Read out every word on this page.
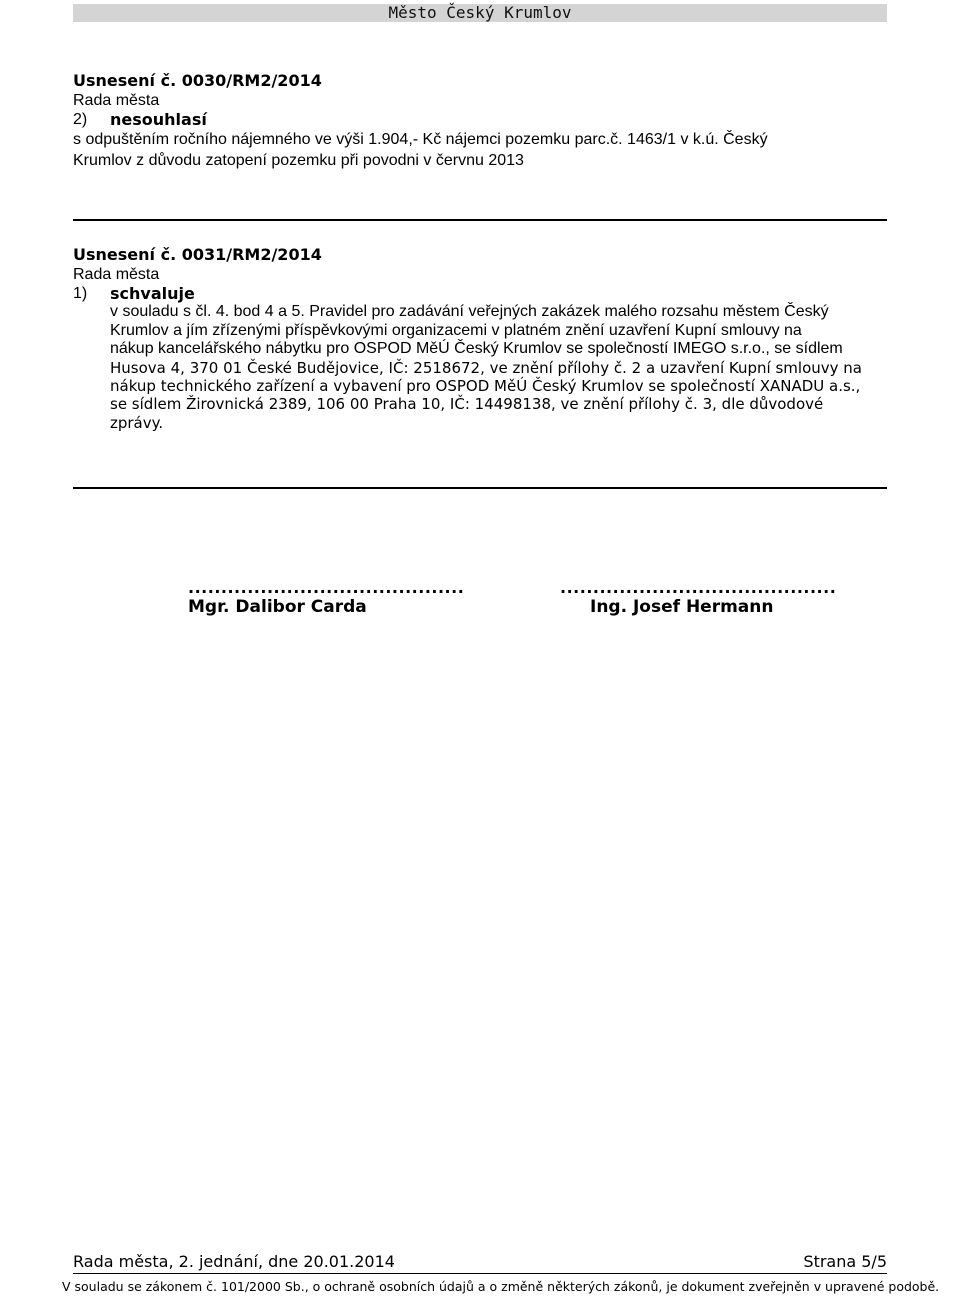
Město Český Krumlov
Usnesení č. 0030/RM2/2014
Rada města
2)	nesouhlasí
s odpuštěním ročního nájemného ve výši 1.904,- Kč nájemci pozemku parc.č. 1463/1 v k.ú. Český
Krumlov z důvodu zatopení pozemku při povodni v červnu 2013
Usnesení č. 0031/RM2/2014
Rada města
1)	schvaluje
v souladu s čl. 4. bod 4 a 5. Pravidel pro zadávání veřejných zakázek malého rozsahu městem Český
Krumlov a jím zřízenými příspěvkovými organizacemi v platném znění uzavření Kupní smlouvy na
nákup kancelářského nábytku pro OSPOD MěÚ Český Krumlov se společností IMEGO s.r.o., se sídlem
Husova 4, 370 01 České Budějovice, IČ: 2518672, ve znění přílohy č. 2 a uzavření Kupní smlouvy na
nákup technického zařízení a vybavení pro OSPOD MěÚ Český Krumlov se společností XANADU a.s.,
se sídlem Žirovnická 2389, 106 00 Praha 10, IČ: 14498138, ve znění přílohy č. 3, dle důvodové
zprávy.
..........................................
Mgr. Dalibor Carda
..........................................
Ing. Josef Hermann
Rada města, 2. jednání, dne 20.01.2014	Strana 5/5
V souladu se zákonem č. 101/2000 Sb., o ochraně osobních údajů a o změně některých zákonů, je dokument zveřejněn v upravené podobě.
